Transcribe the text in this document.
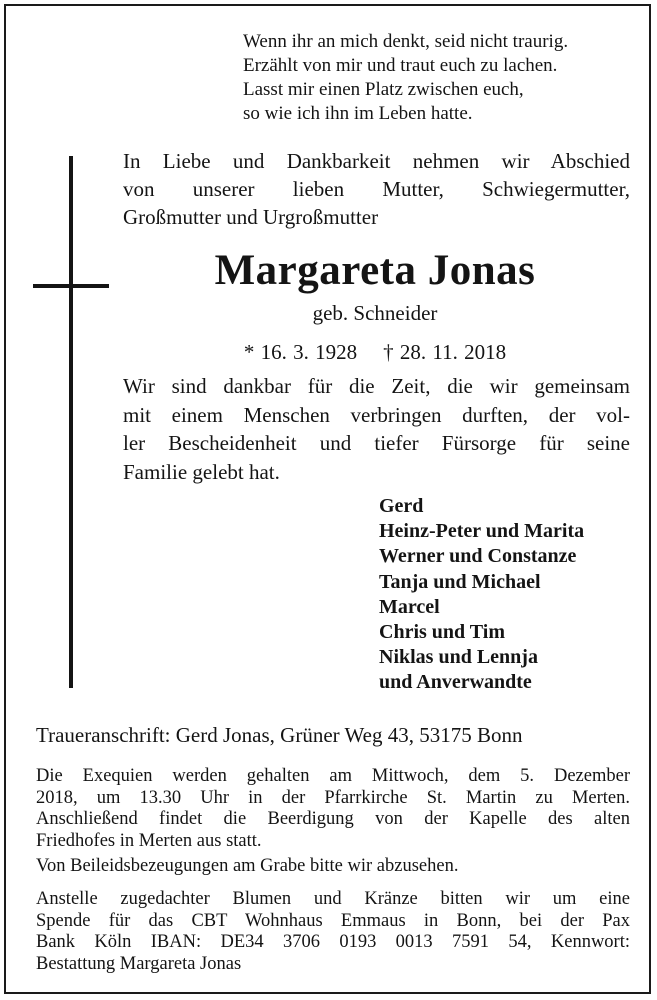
Wenn ihr an mich denkt, seid nicht traurig.
Erzählt von mir und traut euch zu lachen.
Lasst mir einen Platz zwischen euch,
so wie ich ihn im Leben hatte.
In Liebe und Dankbarkeit nehmen wir Abschied
von unserer lieben Mutter, Schwiegermutter,
Großmutter und Urgroßmutter
Margareta Jonas
geb. Schneider
* 16. 3. 1928 † 28. 11. 2018
Wir sind dankbar für die Zeit, die wir gemeinsam
mit einem Menschen verbringen durften, der vol-
ler Bescheidenheit und tiefer Fürsorge für seine
Familie gelebt hat.
Gerd
Heinz-Peter und Marita
Werner und Constanze
Tanja und Michael
Marcel
Chris und Tim
Niklas und Lennja
und Anverwandte
Traueranschrift: Gerd Jonas, Grüner Weg 43, 53175 Bonn
Die Exequien werden gehalten am Mittwoch, dem 5. Dezember
2018, um 13.30 Uhr in der Pfarrkirche St. Martin zu Merten.
Anschließend findet die Beerdigung von der Kapelle des alten
Friedhofes in Merten aus statt.
Von Beileidsbezeugungen am Grabe bitte wir abzusehen.
Anstelle zugedachter Blumen und Kränze bitten wir um eine
Spende für das CBT Wohnhaus Emmaus in Bonn, bei der Pax
Bank Köln IBAN: DE34 3706 0193 0013 7591 54, Kennwort:
Bestattung Margareta Jonas
